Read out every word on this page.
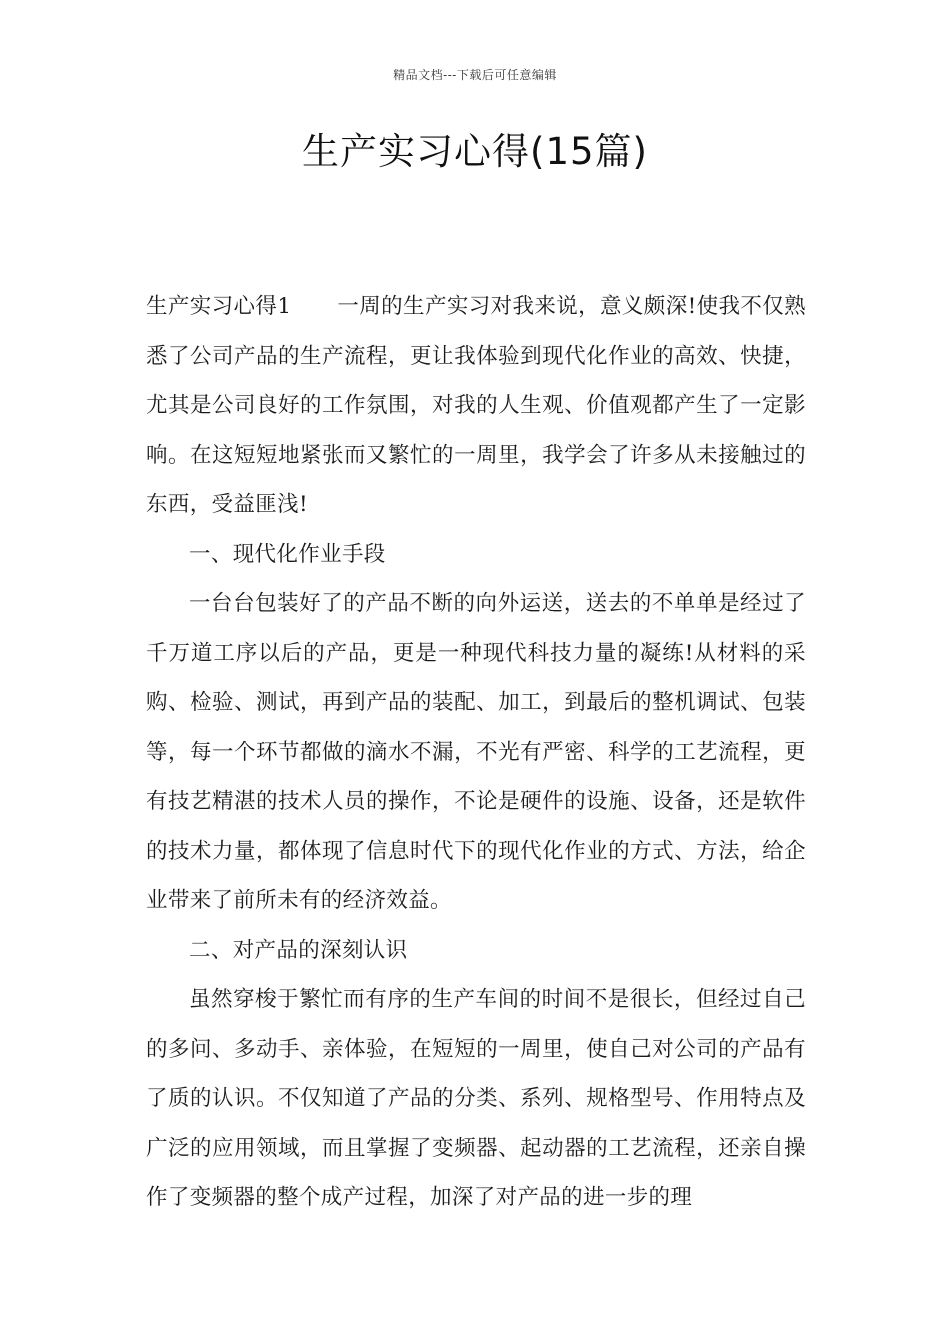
精品文档---下载后可任意编辑
生产实习心得(15篇)

生产实习心得1 一周的生产实习对我来说，意义颇深!使我不仅熟悉了公司产品的生产流程，更让我体验到现代化作业的高效、快捷，尤其是公司良好的工作氛围，对我的人生观、价值观都产生了一定影响。在这短短地紧张而又繁忙的一周里，我学会了许多从未接触过的东西，受益匪浅!

一、现代化作业手段

一台台包装好了的产品不断的向外运送，送去的不单单是经过了千万道工序以后的产品，更是一种现代科技力量的凝练!从材料的采购、检验、测试，再到产品的装配、加工，到最后的整机调试、包装等，每一个环节都做的滴水不漏，不光有严密、科学的工艺流程，更有技艺精湛的技术人员的操作，不论是硬件的设施、设备，还是软件的技术力量，都体现了信息时代下的现代化作业的方式、方法，给企业带来了前所未有的经济效益。

二、对产品的深刻认识

虽然穿梭于繁忙而有序的生产车间的时间不是很长，但经过自己的多问、多动手、亲体验，在短短的一周里，使自己对公司的产品有了质的认识。不仅知道了产品的分类、系列、规格型号、作用特点及广泛的应用领域，而且掌握了变频器、起动器的工艺流程，还亲自操作了变频器的整个成产过程，加深了对产品的进一步的理
